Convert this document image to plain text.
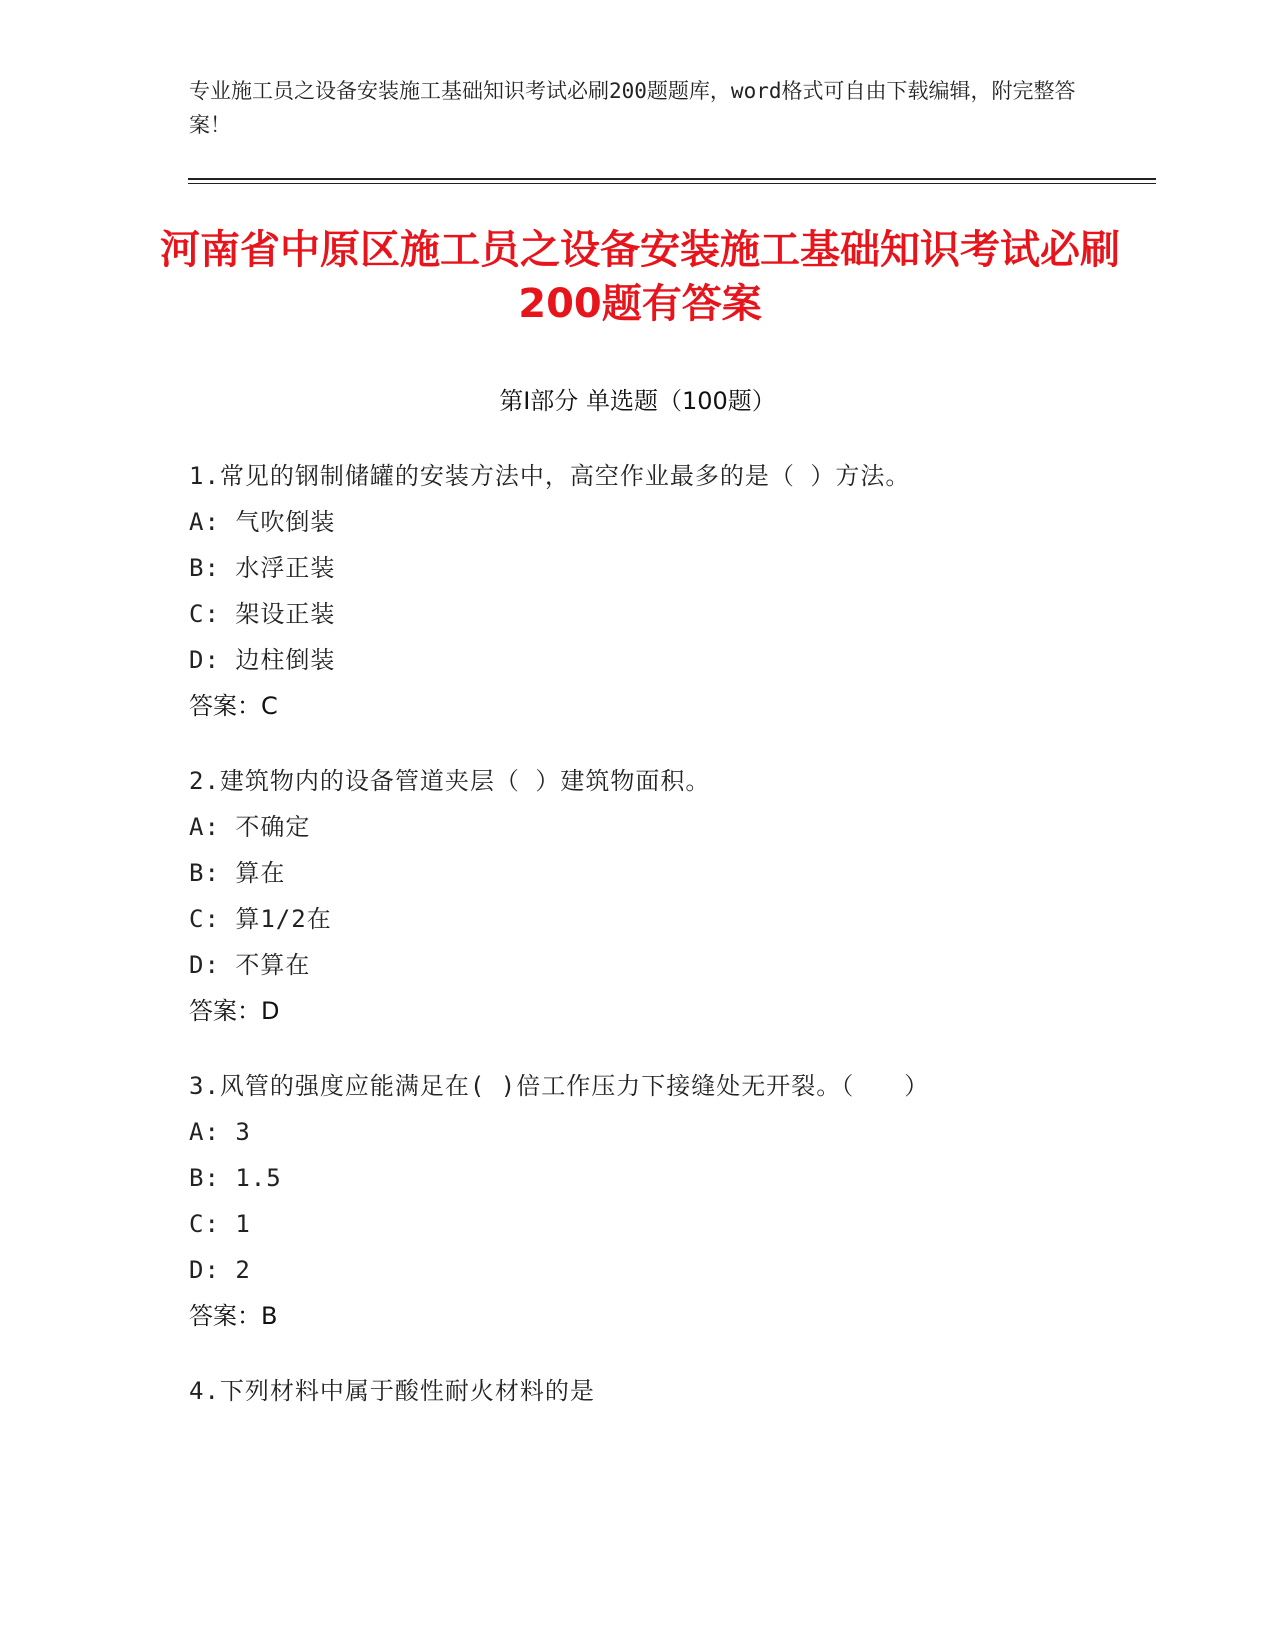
专业施工员之设备安装施工基础知识考试必刷200题题库，word格式可自由下载编辑，附完整答案！
河南省中原区施工员之设备安装施工基础知识考试必刷200题有答案
第Ⅰ部分 单选题（100题）
1.常见的钢制储罐的安装方法中，高空作业最多的是（ ）方法。
A: 气吹倒装
B: 水浮正装
C: 架设正装
D: 边柱倒装
答案：C
2.建筑物内的设备管道夹层（ ）建筑物面积。
A: 不确定
B: 算在
C: 算1/2在
D: 不算在
答案：D
3.风管的强度应能满足在( )倍工作压力下接缝处无开裂。（　　）
A: 3
B: 1.5
C: 1
D: 2
答案：B
4.下列材料中属于酸性耐火材料的是
